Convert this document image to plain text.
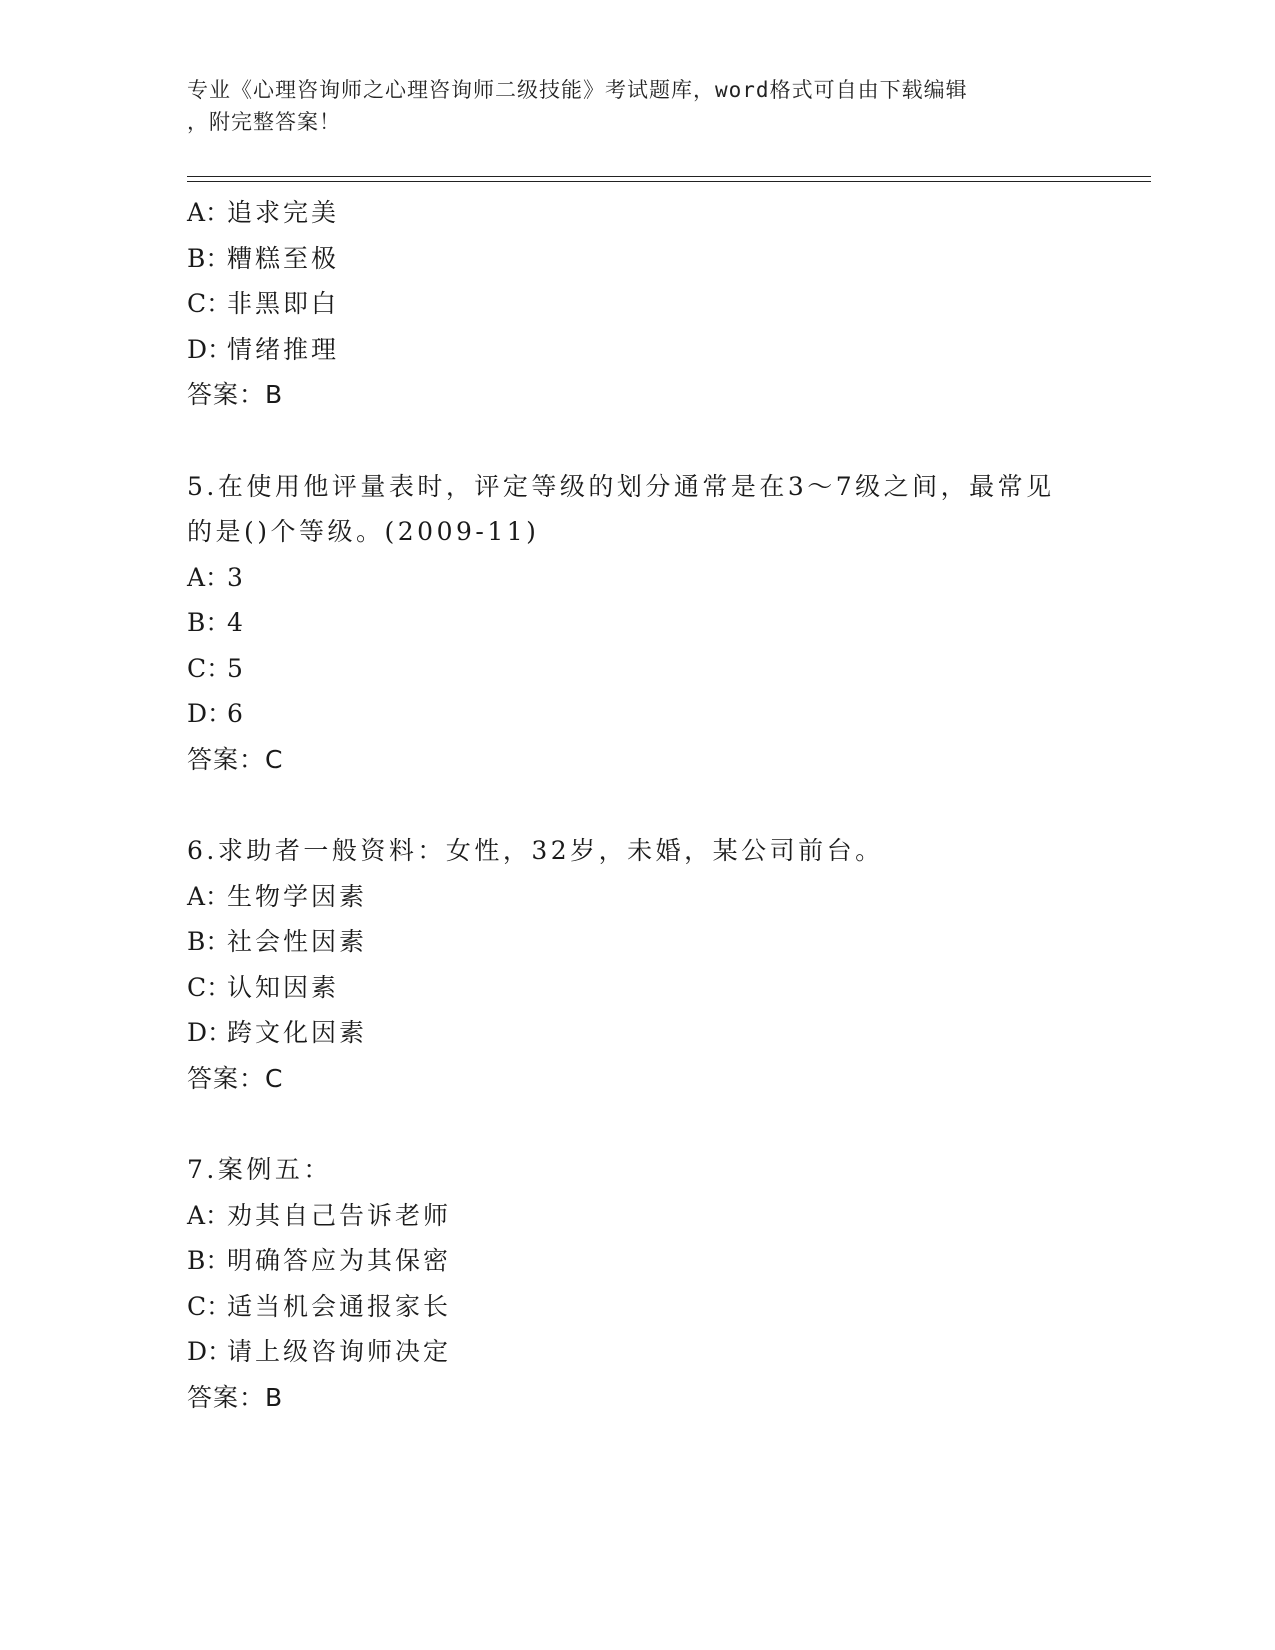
专业《心理咨询师之心理咨询师二级技能》考试题库，word格式可自由下载编辑

，附完整答案！

A：追求完美
B：糟糕至极
C：非黑即白
D：情绪推理
答案：B
5.在使用他评量表时，评定等级的划分通常是在3～7级之间，最常见
的是()个等级。(2009-11)
A：3
B：4
C：5
D：6
答案：C
6.求助者一般资料：女性，32岁，未婚，某公司前台。
A：生物学因素
B：社会性因素
C：认知因素
D：跨文化因素
答案：C
7.案例五：
A：劝其自己告诉老师
B：明确答应为其保密
C：适当机会通报家长
D：请上级咨询师决定
答案：B
